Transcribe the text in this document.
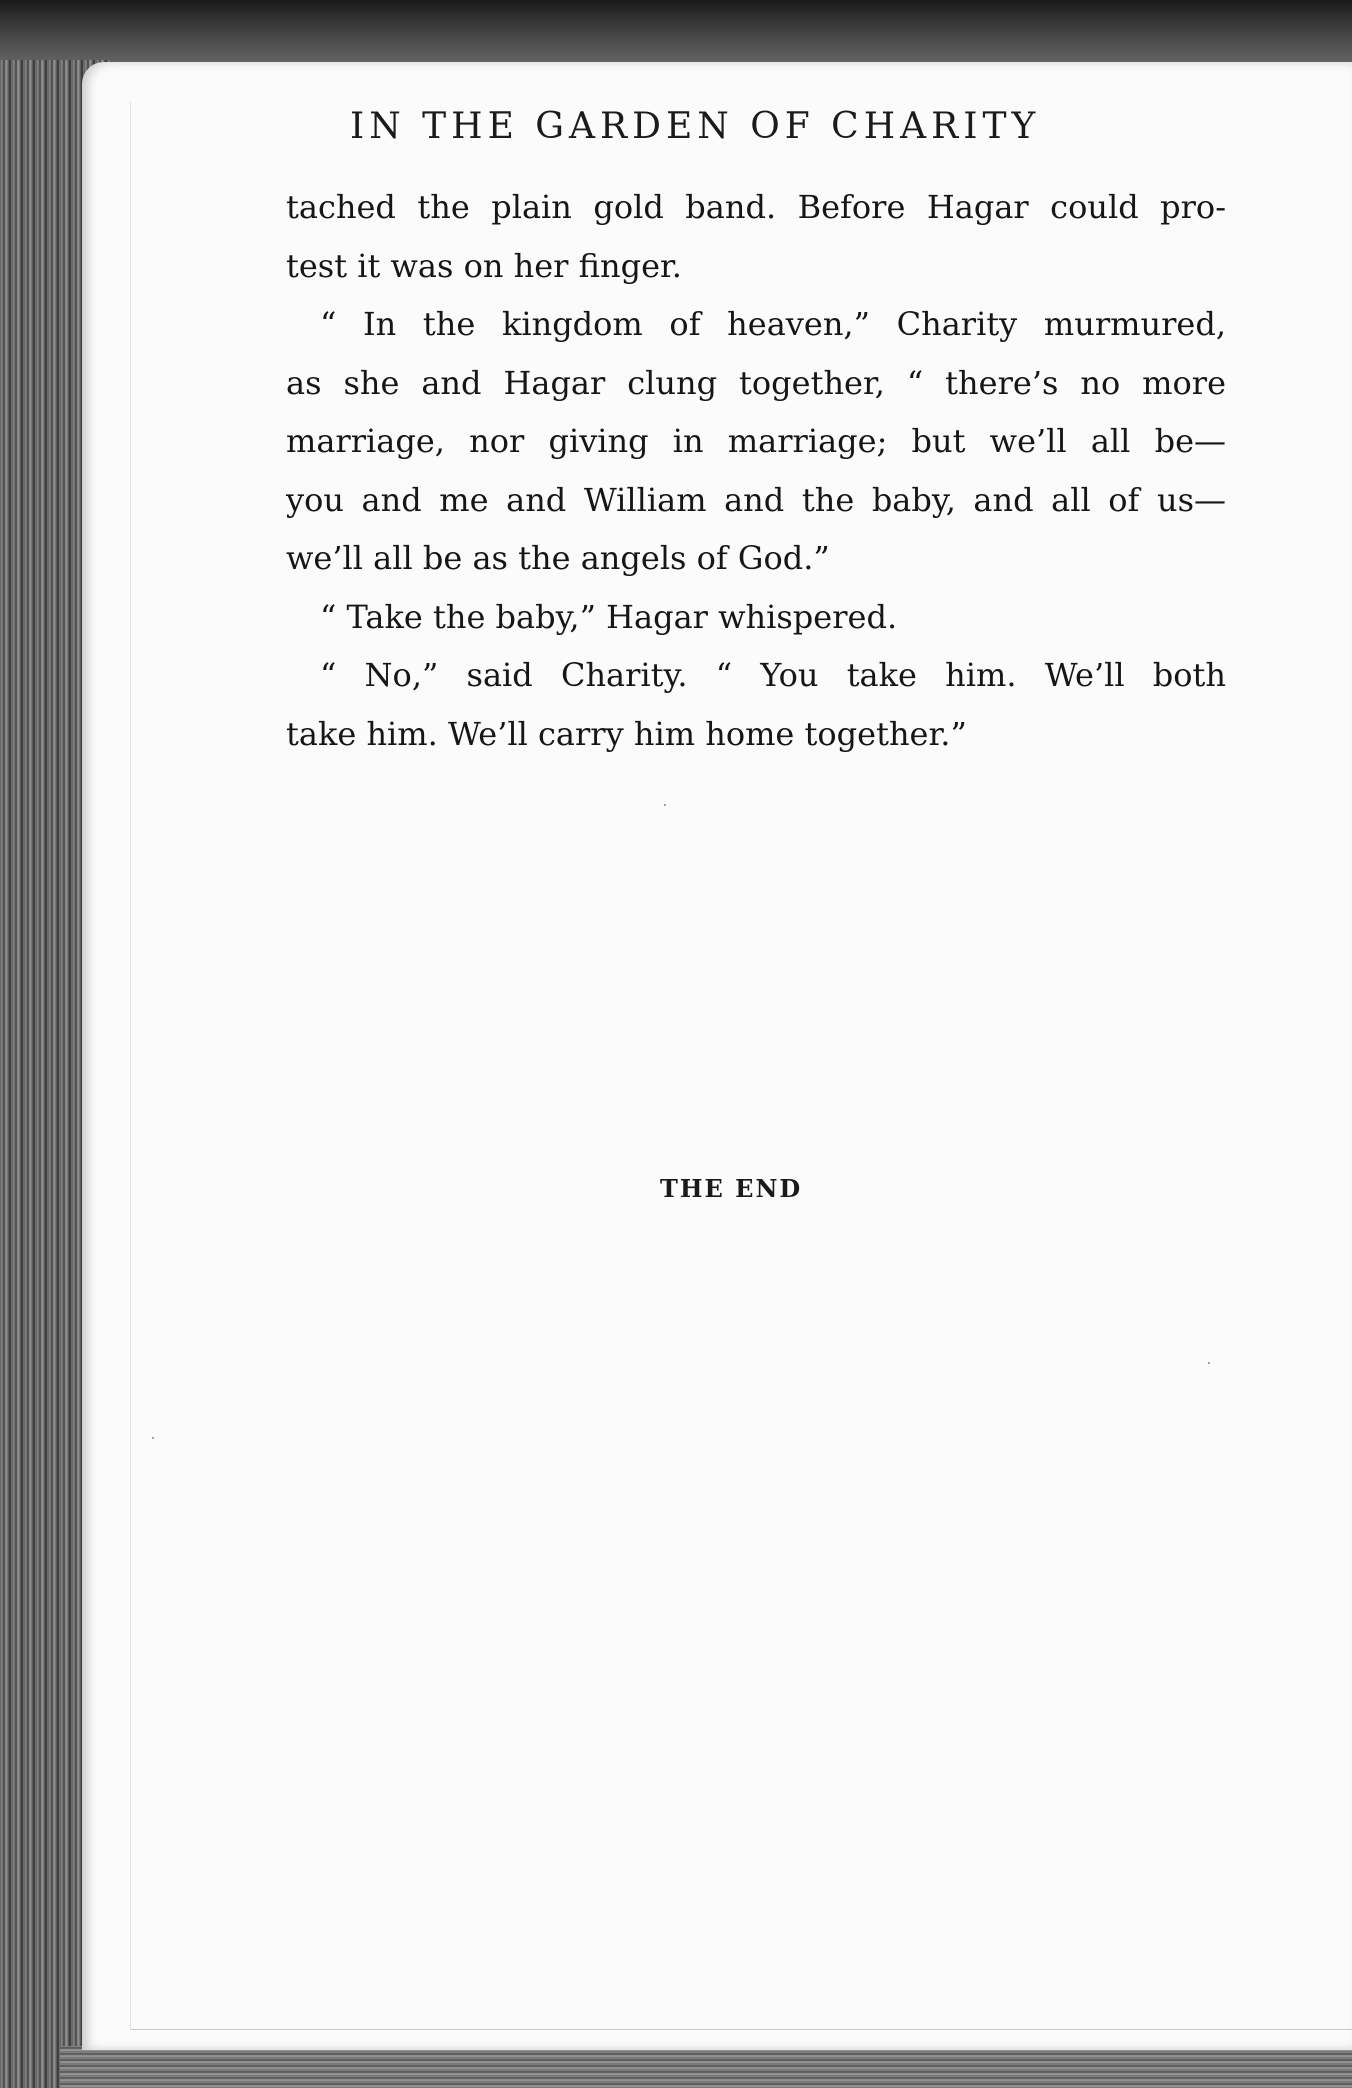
IN THE GARDEN OF CHARITY
tached the plain gold band. Before Hagar could pro-
test it was on her finger.
“ In the kingdom of heaven,” Charity murmured,
as she and Hagar clung together, “ there’s no more
marriage, nor giving in marriage; but we’ll all be—
you and me and William and the baby, and all of us—
we’ll all be as the angels of God.”
“ Take the baby,” Hagar whispered.
“ No,” said Charity. “ You take him. We’ll both
take him. We’ll carry him home together.”

THE END
